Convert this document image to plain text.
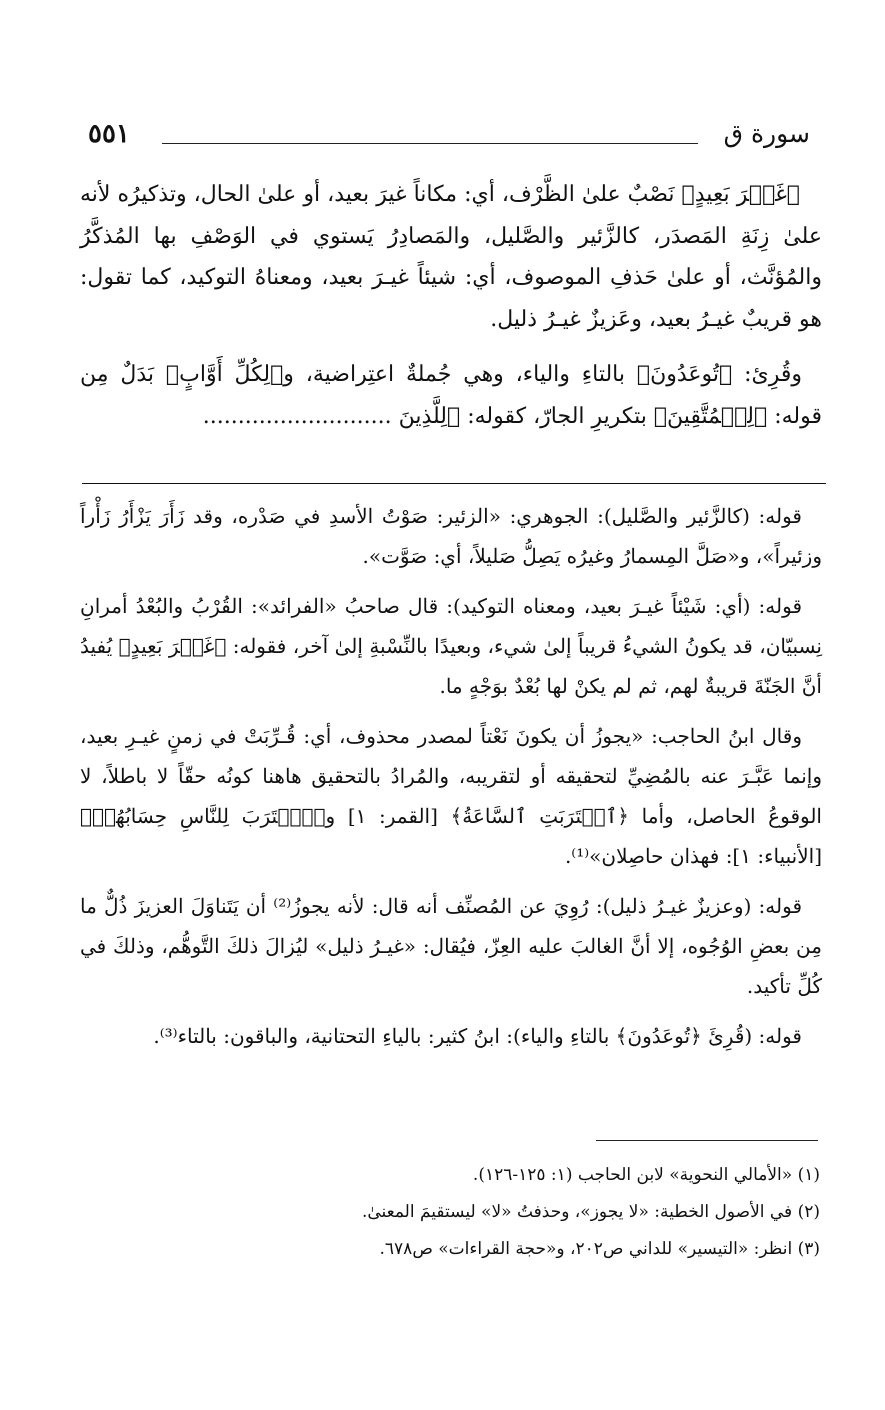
سورة ق
٥٥١

﴿غَيۡرَ بَعِيدٍ﴾ نَصْبٌ علىٰ الظَّرْف، أي: مكاناً غيرَ بعيد، أو علىٰ الحال، وتذكيرُه لأنه علىٰ زِنَةِ المَصدَر، كالزَّئير والصَّليل، والمَصادِرُ يَستوي في الوَصْفِ بها المُذكَّرُ والمُؤنَّث، أو علىٰ حَذفِ الموصوف، أي: شيئاً غيـرَ بعيد، ومعناهُ التوكيد، كما تقول: هو قريبٌ غيـرُ بعيد، وعَزيزٌ غيـرُ ذليل.

وقُرِئ: ﴿تُوعَدُونَ﴾ بالتاءِ والياء، وهي جُملةٌ اعتِراضية، و﴿لِكُلِّ أَوَّابٍ﴾ بَدَلٌ مِن قوله: ﴿لِلۡمُتَّقِينَ﴾ بتكريرِ الجارّ، كقوله: ﴿لِلَّذِينَ ...........................

قوله: (كالزَّئير والصَّليل): الجوهري: «الزئير: صَوْتُ الأسدِ في صَدْره، وقد زَأَرَ يَزْأَرُ زَأْراً وزئيراً»، و«صَلَّ المِسمارُ وغيرُه يَصِلُّ صَليلاً، أي: صَوَّت».

قوله: (أي: شَيْئاً غيـرَ بعيد، ومعناه التوكيد): قال صاحبُ «الفرائد»: القُرْبُ والبُعْدُ أمرانِ نِسبيّان، قد يكونُ الشيءُ قريباً إلىٰ شيء، وبعيدًا بالنِّسْبةِ إلىٰ آخر، فقوله: ﴿غَيۡرَ بَعِيدٍ﴾ يُفيدُ أنَّ الجَنّةَ قريبةٌ لهم، ثم لم يكنْ لها بُعْدٌ بوَجْهٍ ما.

وقال ابنُ الحاجب: «يجوزُ أن يكونَ نَعْتاً لمصدر محذوف، أي: قُـرِّبَتْ في زمنٍ غيـرِ بعيد، وإنما عَبَّـرَ عنه بالمُضِيِّ لتحقيقه أو لتقريبه، والمُرادُ بالتحقيق هاهنا كونُه حقّاً لا باطلاً، لا الوقوعُ الحاصل، وأما ﴿ٱقۡتَرَبَتِ ٱلسَّاعَةُ﴾ [القمر: ١] و﴿ٱقۡتَرَبَ لِلنَّاسِ حِسَابُهُمۡ﴾ [الأنبياء: ١]: فهذان حاصِلان»⁽¹⁾.

قوله: (وعزيزٌ غيـرُ ذليل): رُوِيَ عن المُصنِّف أنه قال: لأنه يجوزُ⁽²⁾ أن يَتَناوَلَ العزيزَ ذُلٌّ ما مِن بعضِ الوُجُوه، إلا أنَّ الغالبَ عليه العِزّ، فيُقال: «غيـرُ ذليل» ليُزالَ ذلكَ التَّوهُّم، وذلكَ في كُلِّ تأكيد.

قوله: (قُرِئَ ﴿تُوعَدُونَ﴾ بالتاءِ والياء): ابنُ كثير: بالياءِ التحتانية، والباقون: بالتاء⁽³⁾.

(١) «الأمالي النحوية» لابن الحاجب (١: ١٢٥-١٢٦).
(٢) في الأصول الخطية: «لا يجوز»، وحذفتُ «لا» ليستقيمَ المعنىٰ.
(٣) انظر: «التيسير» للداني ص٢٠٢، و«حجة القراءات» ص٦٧٨.
